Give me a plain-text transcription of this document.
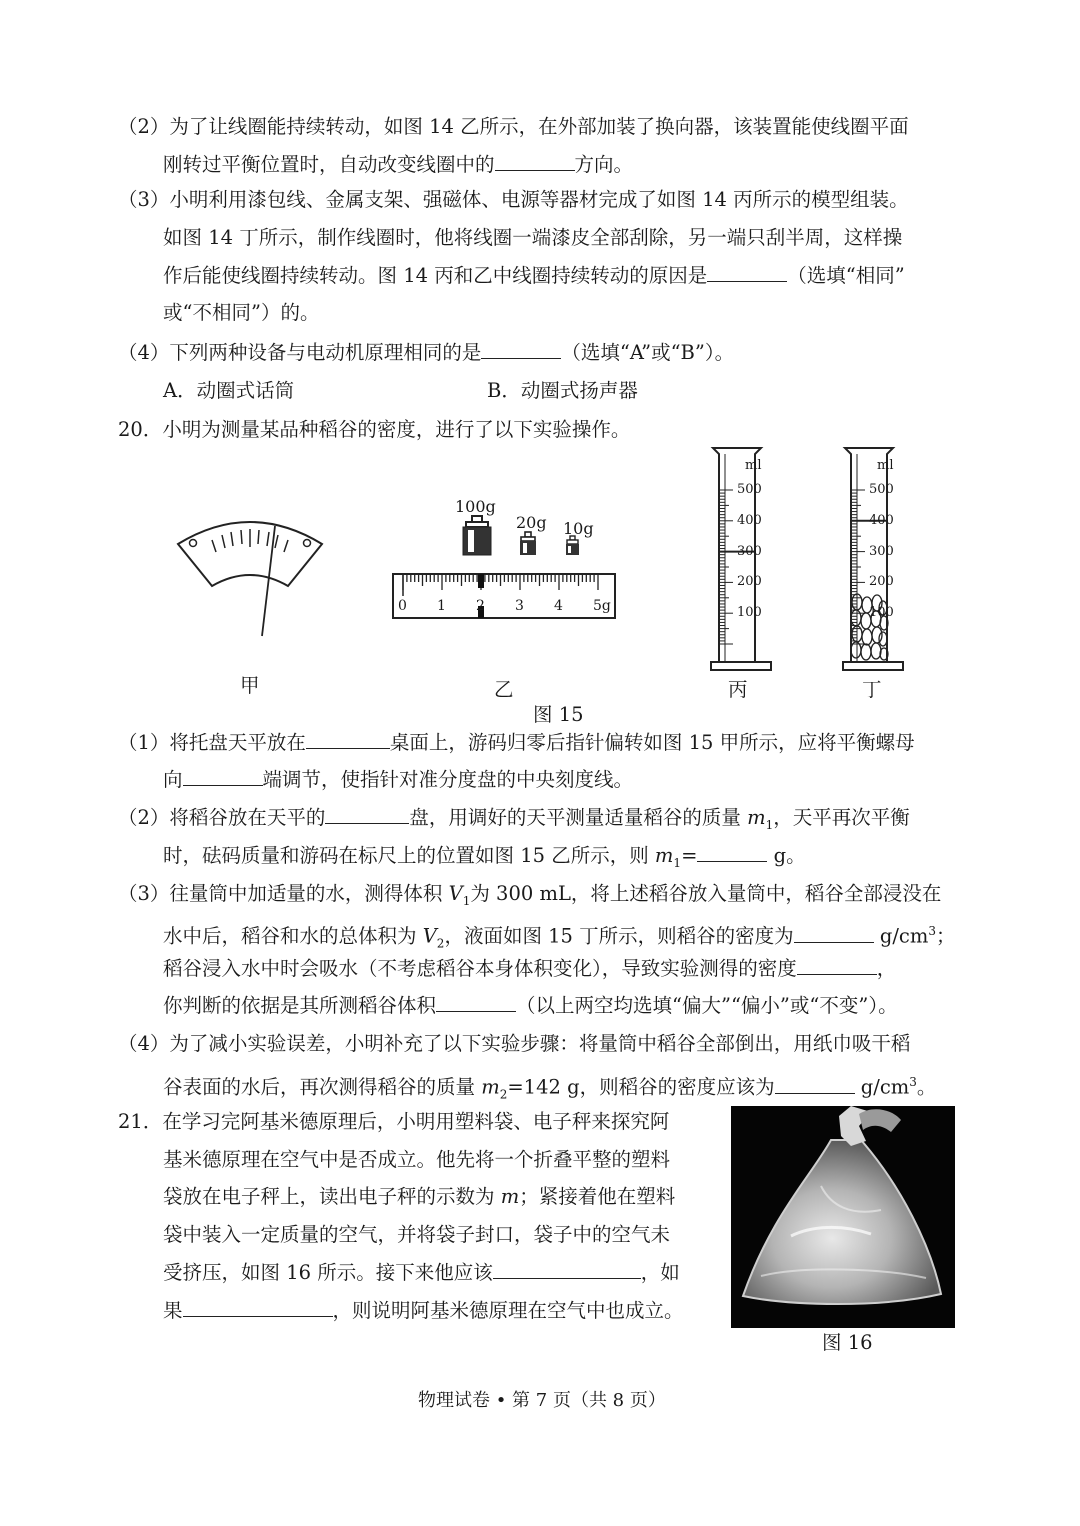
（2）为了让线圈能持续转动，如图 14 乙所示，在外部加装了换向器，该装置能使线圈平面
刚转过平衡位置时，自动改变线圈中的	方向。
（3）小明利用漆包线、金属支架、强磁体、电源等器材完成了如图 14 丙所示的模型组装。
如图 14 丁所示，制作线圈时，他将线圈一端漆皮全部刮除，另一端只刮半周，这样操
作后能使线圈持续转动。图 14 丙和乙中线圈持续转动的原因是	（选填“相同”
或“不相同”）的。
（4）下列两种设备与电动机原理相同的是	（选填“A”或“B”）。
A．动圈式话筒	B．动圈式扬声器
20．小明为测量某品种稻谷的密度，进行了以下实验操作。
甲
100g
20g 10g
0 1 2 3 4 5g
乙
ml
500
400
300
200
100
ml
500
400
300
200
100
丙	丁
图 15
（1）将托盘天平放在	桌面上，游码归零后指针偏转如图 15 甲所示，应将平衡螺母
向	端调节，使指针对准分度盘的中央刻度线。
（2）将稻谷放在天平的	盘，用调好的天平测量适量稻谷的质量 $m_1$，天平再次平衡
时，砝码质量和游码在标尺上的位置如图 15 乙所示，则 $m_1=$	g。
（3）往量筒中加适量的水，测得体积 $V_1$为 300 mL，将上述稻谷放入量筒中，稻谷全部浸没在
水中后，稻谷和水的总体积为 $V_2$，液面如图 15 丁所示，则稻谷的密度为	$g/cm^3$；
稻谷浸入水中时会吸水（不考虑稻谷本身体积变化），导致实验测得的密度	，
你判断的依据是其所测稻谷体积	（以上两空均选填“偏大”“偏小”或“不变”）。
（4）为了减小实验误差，小明补充了以下实验步骤：将量筒中稻谷全部倒出，用纸巾吸干稻
谷表面的水后，再次测得稻谷的质量 $m_2=142$ g，则稻谷的密度应该为	$g/cm^3$。
21．在学习完阿基米德原理后，小明用塑料袋、电子秤来探究阿
基米德原理在空气中是否成立。他先将一个折叠平整的塑料
袋放在电子秤上，读出电子秤的示数为 m；紧接着他在塑料
袋中装入一定质量的空气，并将袋子封口，袋子中的空气未
受挤压，如图 16 所示。接下来他应该	，如
果	，则说明阿基米德原理在空气中也成立。
图 16
物理试卷 • 第 7 页（共 8 页）
